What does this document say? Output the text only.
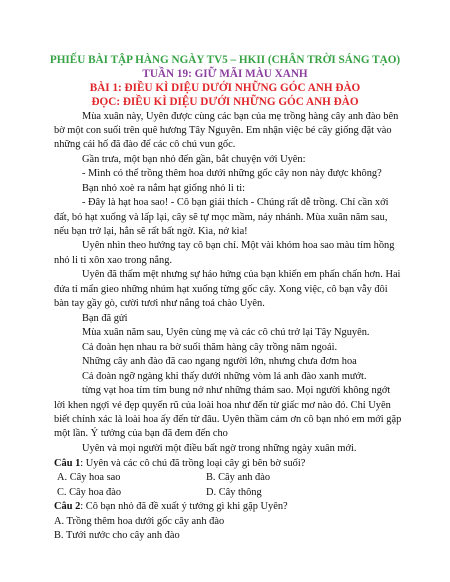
PHIẾU BÀI TẬP HÀNG NGÀY TV5 – HKII (CHÂN TRỜI SÁNG TẠO)
TUẦN 19: GIỮ MÃI MÀU XANH
BÀI 1: ĐIỀU KÌ DIỆU DƯỚI NHỮNG GÓC ANH ĐÀO
ĐỌC: ĐIỀU KÌ DIỆU DƯỚI NHỮNG GÓC ANH ĐÀO
Mùa xuân này, Uyên được cùng các bạn của mẹ trồng hàng cây anh đào bên
bờ một con suối trên quê hương Tây Nguyên. Em nhận việc bé cây giống đặt vào
những cái hố đã đào để các cô chú vun gốc.
Gần trưa, một bạn nhỏ đến gần, bắt chuyện với Uyên:
- Mình có thể trồng thêm hoa dưới những gốc cây non này được không?
Bạn nhỏ xoè ra nắm hạt giống nhỏ li ti:
- Đây là hạt hoa sao! - Cô bạn giải thích - Chúng rất dễ trồng. Chỉ cần xới
đất, bỏ hạt xuống và lấp lại, cây sẽ tự mọc mầm, nảy nhánh. Mùa xuân năm sau,
nếu bạn trở lại, hẳn sẽ rất bất ngờ. Kìa, nở kìa!
Uyên nhìn theo hướng tay cô bạn chỉ. Một vài khóm hoa sao màu tím hồng
nhỏ li ti xôn xao trong nắng.
Uyên đã thấm mệt nhưng sự háo hứng của bạn khiến em phấn chấn hơn. Hai
đứa tỉ mẩn gieo những nhúm hạt xuống từng gốc cây. Xong việc, cô bạn vẫy đôi
bàn tay gầy gò, cười tươi như nắng toả chào Uyên.
Bạn đã gửi
Mùa xuân năm sau, Uyên cùng mẹ và các cô chú trở lại Tây Nguyên.
Cả đoàn hẹn nhau ra bờ suối thăm hàng cây trồng năm ngoái.
Những cây anh đào đã cao ngang người lớn, nhưng chưa đơm hoa
Cả đoàn ngỡ ngàng khi thấy dưới những vòm lá anh đào xanh mướt.
từng vạt hoa tím tím bung nở như những thảm sao. Mọi người không ngớt
lời khen ngợi vẻ đẹp quyến rũ của loài hoa như đến từ giấc mơ nào đó. Chỉ Uyên
biết chính xác là loài hoa ấy đến từ đâu. Uyên thầm cảm ơn cô bạn nhỏ em mới gặp
một lần. Ý tưởng của bạn đã đem đến cho
Uyên và mọi người một điều bất ngờ trong những ngày xuân mới.
Câu 1: Uyên và các cô chú đã trồng loại cây gì bên bờ suối?
A. Cây hoa sao	B. Cây anh đào
C. Cây hoa đào	D. Cây thông
Câu 2: Cô bạn nhỏ đã đề xuất ý tưởng gì khi gặp Uyên?
A. Trồng thêm hoa dưới gốc cây anh đào
B. Tưới nước cho cây anh đào
